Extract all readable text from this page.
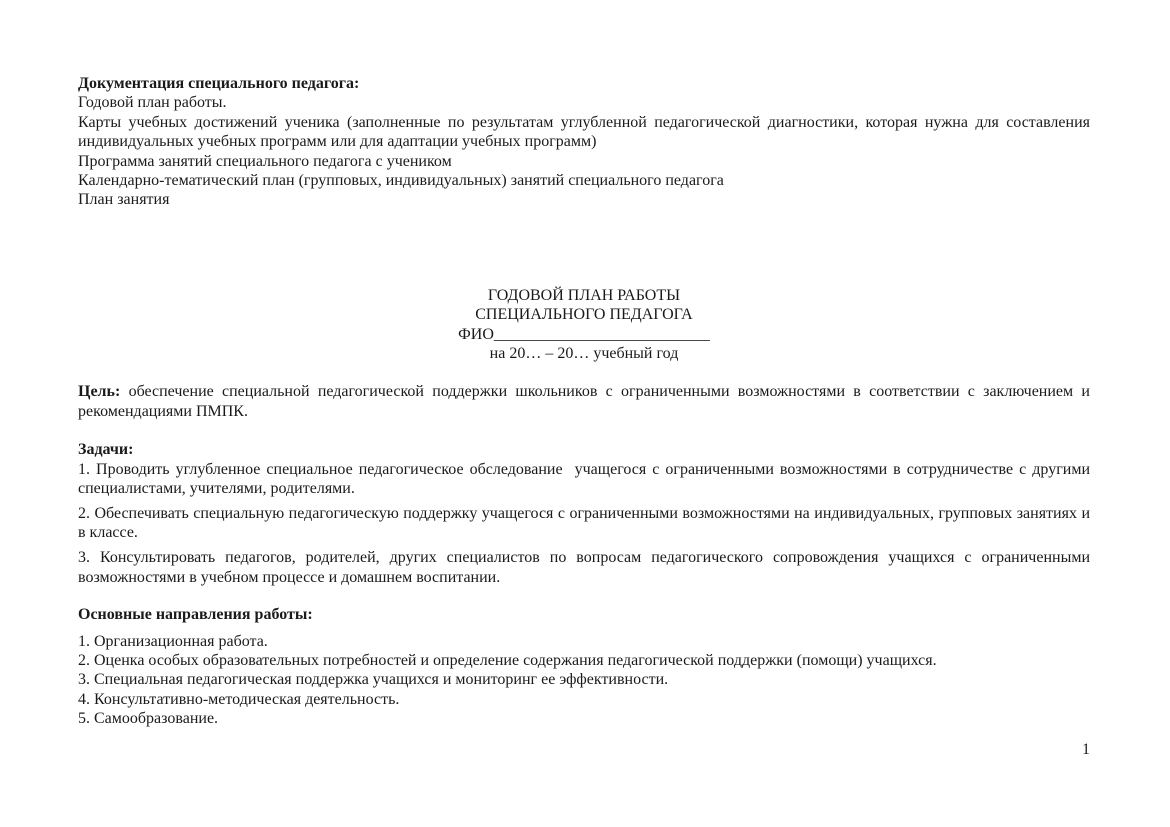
Документация специального педагога:

Годовой план работы.

Карты учебных достижений ученика (заполненные по результатам углубленной педагогической диагностики, которая нужна для составления индивидуальных учебных программ или для адаптации учебных программ)

Программа занятий специального педагога с учеником

Календарно-тематический план (групповых, индивидуальных) занятий специального педагога

План занятия

ГОДОВОЙ ПЛАН РАБОТЫ

СПЕЦИАЛЬНОГО ПЕДАГОГА

ФИО___________________________

на 20… – 20… учебный год

Цель: обеспечение специальной педагогической поддержки школьников с ограниченными возможностями в соответствии с заключением и рекомендациями ПМПК.

Задачи:

1. Проводить углубленное специальное педагогическое обследование  учащегося с ограниченными возможностями в сотрудничестве с другими специалистами, учителями, родителями.

2. Обеспечивать специальную педагогическую поддержку учащегося с ограниченными возможностями на индивидуальных, групповых занятиях и в классе.

3. Консультировать педагогов, родителей, других специалистов по вопросам педагогического сопровождения учащихся с ограниченными возможностями в учебном процессе и домашнем воспитании.

Основные направления работы:

1. Организационная работа.

2. Оценка особых образовательных потребностей и определение содержания педагогической поддержки (помощи) учащихся.

3. Специальная педагогическая поддержка учащихся и мониторинг ее эффективности.

4. Консультативно-методическая деятельность.

5. Самообразование.

1
